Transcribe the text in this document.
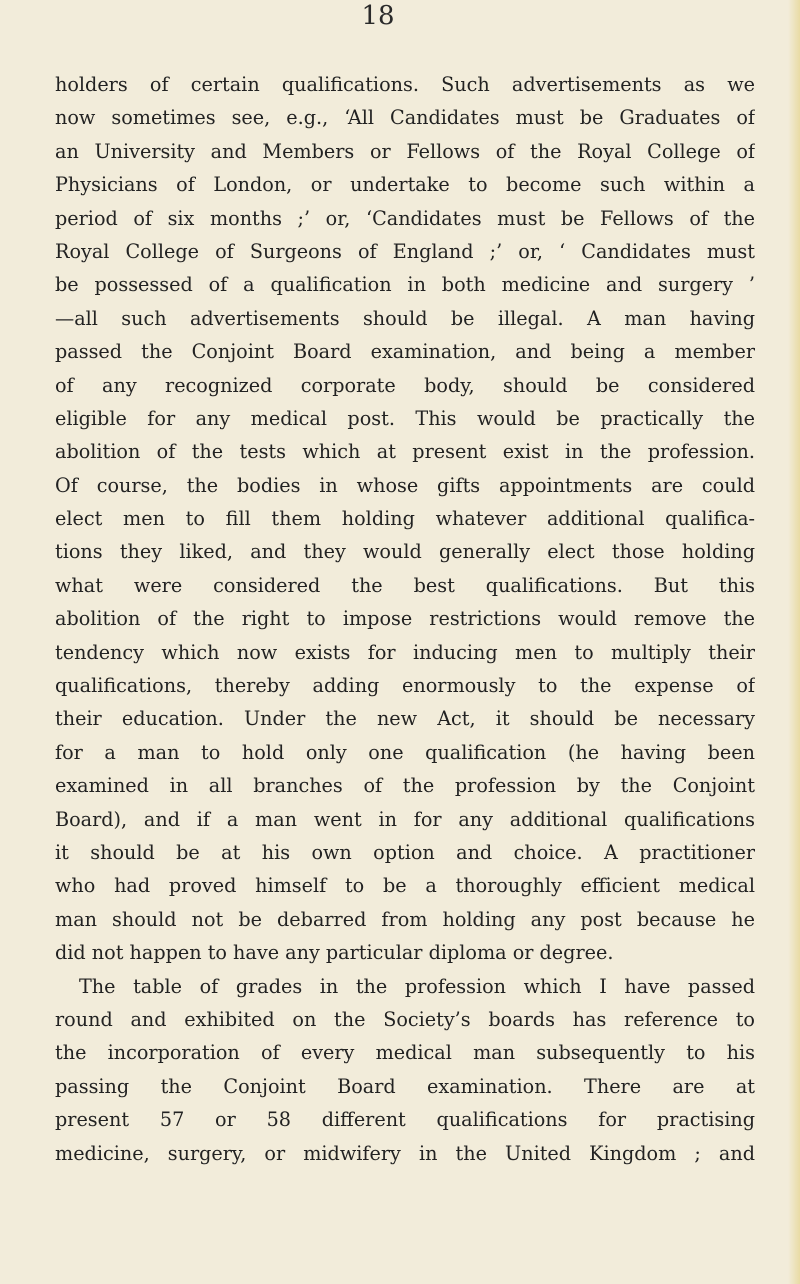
18
holders of certain qualifications. Such advertisements as we
now sometimes see, e.g., ‘All Candidates must be Graduates of
an University and Members or Fellows of the Royal College of
Physicians of London, or undertake to become such within a
period of six months ;’ or, ‘Candidates must be Fellows of the
Royal College of Surgeons of England ;’ or, ‘ Candidates must
be possessed of a qualification in both medicine and surgery ’
—all such advertisements should be illegal. A man having
passed the Conjoint Board examination, and being a member
of any recognized corporate body, should be considered
eligible for any medical post. This would be practically the
abolition of the tests which at present exist in the profession.
Of course, the bodies in whose gifts appointments are could
elect men to fill them holding whatever additional qualifica-
tions they liked, and they would generally elect those holding
what were considered the best qualifications. But this
abolition of the right to impose restrictions would remove the
tendency which now exists for inducing men to multiply their
qualifications, thereby adding enormously to the expense of
their education. Under the new Act, it should be necessary
for a man to hold only one qualification (he having been
examined in all branches of the profession by the Conjoint
Board), and if a man went in for any additional qualifications
it should be at his own option and choice. A practitioner
who had proved himself to be a thoroughly efficient medical
man should not be debarred from holding any post because he
did not happen to have any particular diploma or degree.
The table of grades in the profession which I have passed
round and exhibited on the Society’s boards has reference to
the incorporation of every medical man subsequently to his
passing the Conjoint Board examination. There are at
present 57 or 58 different qualifications for practising
medicine, surgery, or midwifery in the United Kingdom ; and
